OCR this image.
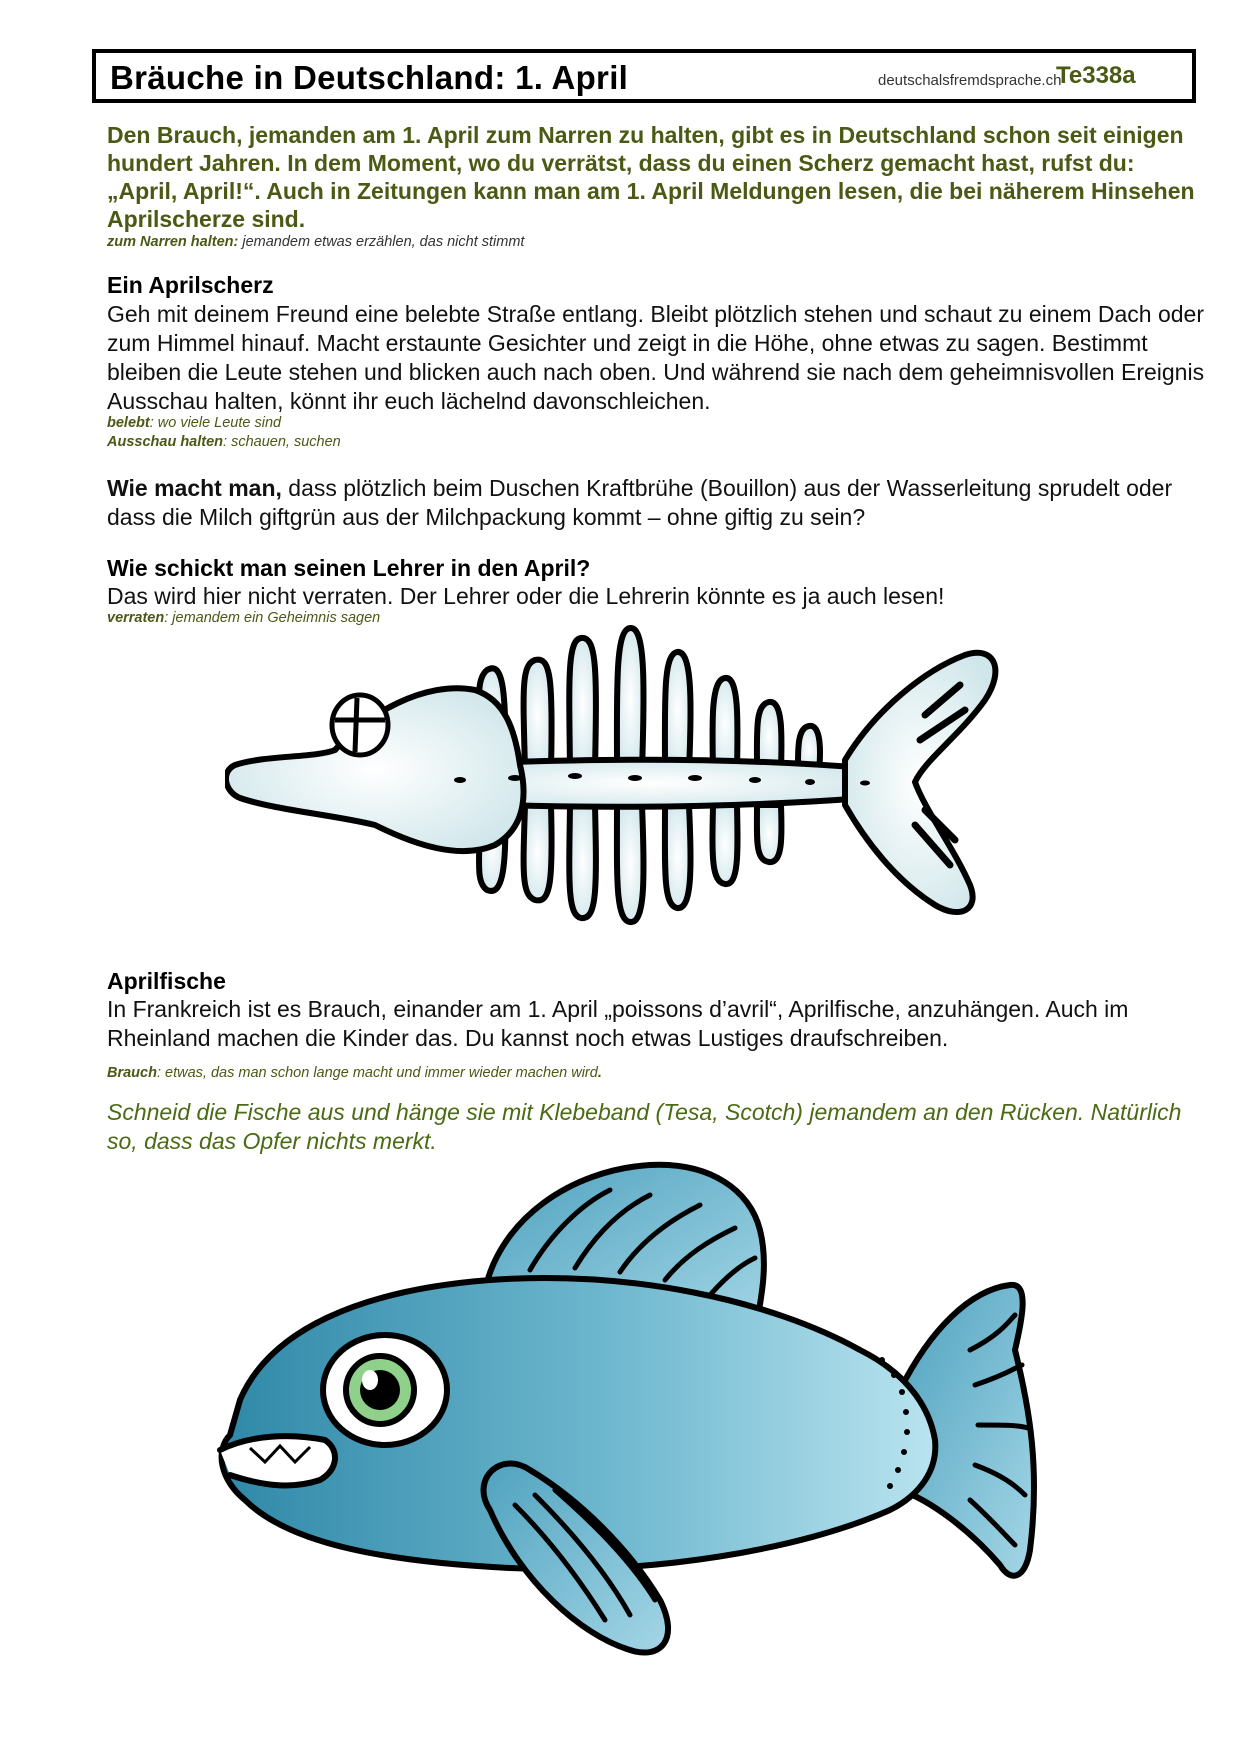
Bräuche in Deutschland: 1. April	deutschalsfremdsprache.ch
Te338a

Den Brauch, jemanden am 1. April zum Narren zu halten, gibt es in Deutschland schon seit einigen hundert Jahren. In dem Moment, wo du verrätst, dass du einen Scherz gemacht hast, rufst du: „April, April!“. Auch in Zeitungen kann man am 1. April Meldungen lesen, die bei näherem Hinsehen Aprilscherze sind.

zum Narren halten: jemandem etwas erzählen, das nicht stimmt
Ein Aprilscherz

Geh mit deinem Freund eine belebte Straße entlang. Bleibt plötzlich stehen und schaut zu einem Dach oder zum Himmel hinauf. Macht erstaunte Gesichter und zeigt in die Höhe, ohne etwas zu sagen. Bestimmt bleiben die Leute stehen und blicken auch nach oben. Und während sie nach dem geheimnisvollen Ereignis Ausschau halten, könnt ihr euch lächelnd davonschleichen.

belebt: wo viele Leute sind
Ausschau halten: schauen, suchen

Wie macht man, dass plötzlich beim Duschen Kraftbrühe (Bouillon) aus der Wasserleitung sprudelt oder dass die Milch giftgrün aus der Milchpackung kommt – ohne giftig zu sein?

Wie schickt man seinen Lehrer in den April?

Das wird hier nicht verraten. Der Lehrer oder die Lehrerin könnte es ja auch lesen!

verraten: jemandem ein Geheimnis sagen
Aprilfische

In Frankreich ist es Brauch, einander am 1. April „poissons d’avril“, Aprilfische, anzuhängen. Auch im Rheinland machen die Kinder das. Du kannst noch etwas Lustiges draufschreiben.

Brauch: etwas, das man schon lange macht und immer wieder machen wird.

Schneid die Fische aus und hänge sie mit Klebeband (Tesa, Scotch) jemandem an den Rücken. Natürlich so, dass das Opfer nichts merkt.
